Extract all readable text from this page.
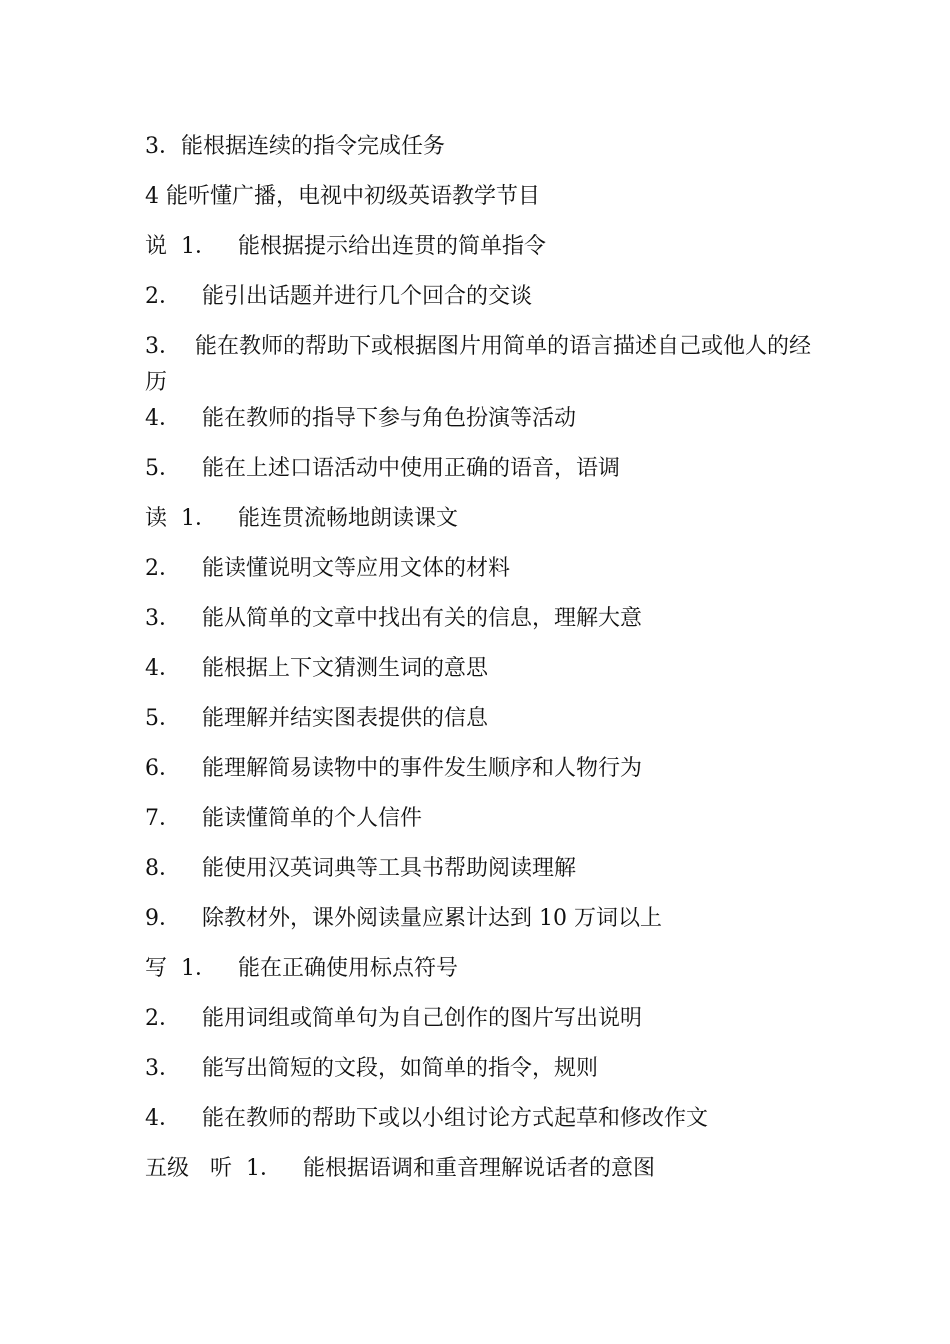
3．能根据连续的指令完成任务

4 能听懂广播，电视中初级英语教学节目

说  1．   能根据提示给出连贯的简单指令

2．   能引出话题并进行几个回合的交谈

3．  能在教师的帮助下或根据图片用简单的语言描述自己或他人的经历

4．   能在教师的指导下参与角色扮演等活动

5．   能在上述口语活动中使用正确的语音，语调

读  1．   能连贯流畅地朗读课文

2．   能读懂说明文等应用文体的材料

3．   能从简单的文章中找出有关的信息，理解大意

4．   能根据上下文猜测生词的意思

5．   能理解并结实图表提供的信息

6．   能理解简易读物中的事件发生顺序和人物行为

7．   能读懂简单的个人信件

8．   能使用汉英词典等工具书帮助阅读理解

9．   除教材外，课外阅读量应累计达到 10 万词以上

写  1．   能在正确使用标点符号

2．   能用词组或简单句为自己创作的图片写出说明

3．   能写出简短的文段，如简单的指令，规则

4．   能在教师的帮助下或以小组讨论方式起草和修改作文

五级   听  1．   能根据语调和重音理解说话者的意图
